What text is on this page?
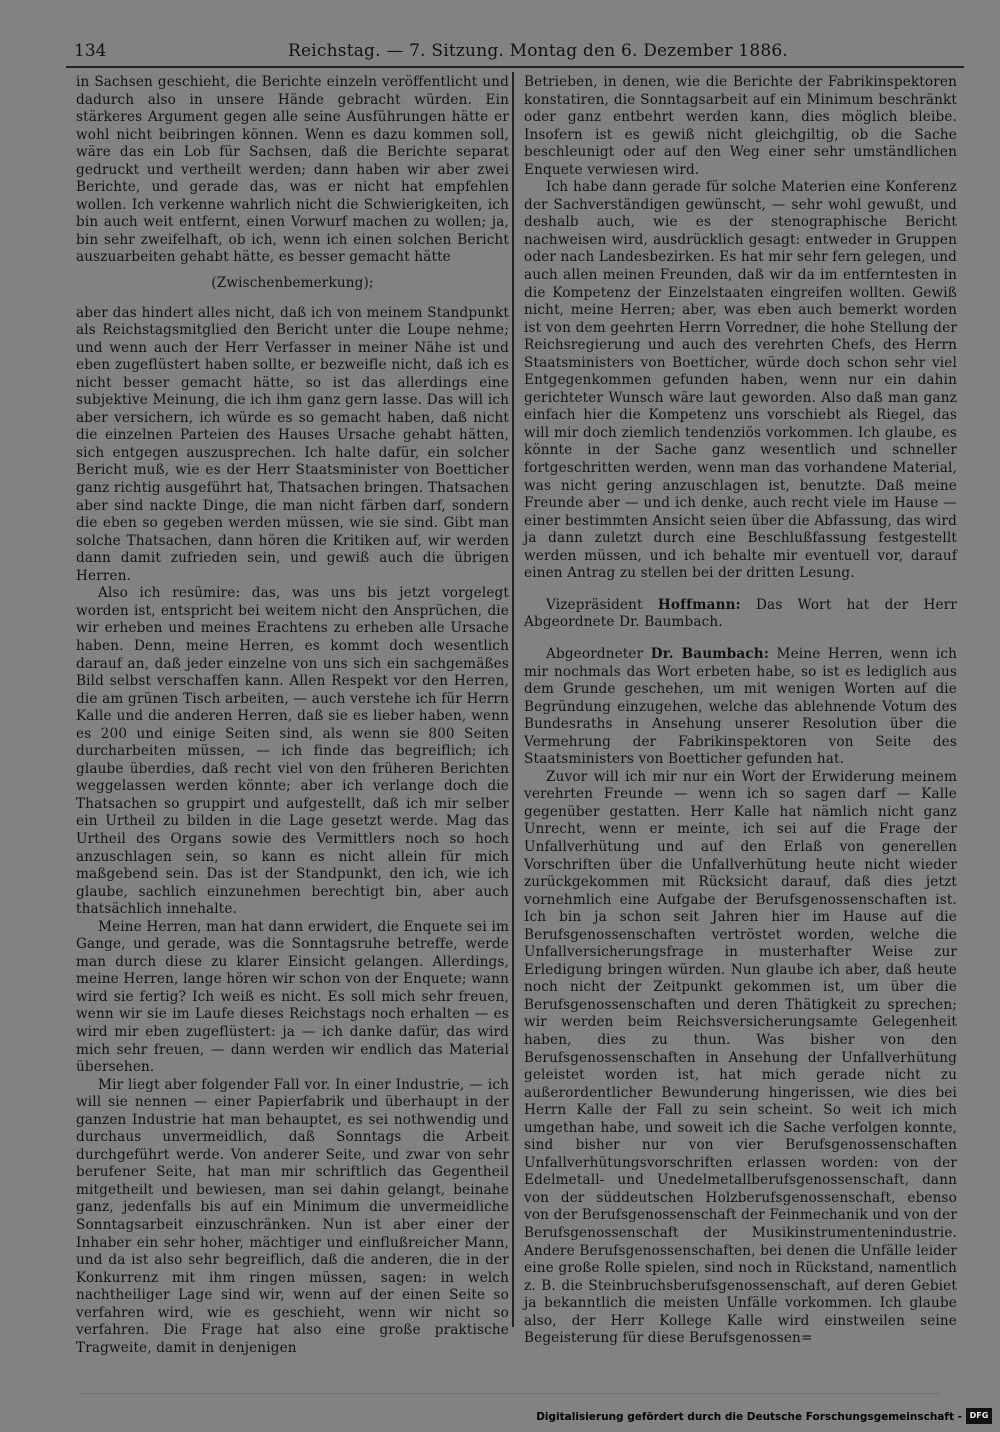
134	Reichstag. — 7. Sitzung. Montag den 6. Dezember 1886.

in Sachsen geschieht, die Berichte einzeln veröffentlicht und dadurch also in unsere Hände gebracht würden. Ein stärkeres Argument gegen alle seine Ausführungen hätte er wohl nicht beibringen können. Wenn es dazu kommen soll, wäre das ein Lob für Sachsen, daß die Berichte separat gedruckt und vertheilt werden; dann haben wir aber zwei Berichte, und gerade das, was er nicht hat empfehlen wollen. Ich verkenne wahrlich nicht die Schwierigkeiten, ich bin auch weit entfernt, einen Vorwurf machen zu wollen; ja, bin sehr zweifelhaft, ob ich, wenn ich einen solchen Bericht auszuarbeiten gehabt hätte, es besser gemacht hätte

(Zwischenbemerkung);

aber das hindert alles nicht, daß ich von meinem Standpunkt als Reichstagsmitglied den Bericht unter die Loupe nehme; und wenn auch der Herr Verfasser in meiner Nähe ist und eben zugeflüstert haben sollte, er bezweifle nicht, daß ich es nicht besser gemacht hätte, so ist das allerdings eine subjektive Meinung, die ich ihm ganz gern lasse. Das will ich aber versichern, ich würde es so gemacht haben, daß nicht die einzelnen Parteien des Hauses Ursache gehabt hätten, sich entgegen auszusprechen. Ich halte dafür, ein solcher Bericht muß, wie es der Herr Staatsminister von Boetticher ganz richtig ausgeführt hat, Thatsachen bringen. Thatsachen aber sind nackte Dinge, die man nicht färben darf, sondern die eben so gegeben werden müssen, wie sie sind. Gibt man solche Thatsachen, dann hören die Kritiken auf, wir werden dann damit zufrieden sein, und gewiß auch die übrigen Herren.

Also ich resümire: das, was uns bis jetzt vorgelegt worden ist, entspricht bei weitem nicht den Ansprüchen, die wir erheben und meines Erachtens zu erheben alle Ursache haben. Denn, meine Herren, es kommt doch wesentlich darauf an, daß jeder einzelne von uns sich ein sachgemäßes Bild selbst verschaffen kann. Allen Respekt vor den Herren, die am grünen Tisch arbeiten, — auch verstehe ich für Herrn Kalle und die anderen Herren, daß sie es lieber haben, wenn es 200 und einige Seiten sind, als wenn sie 800 Seiten durcharbeiten müssen, — ich finde das begreiflich; ich glaube überdies, daß recht viel von den früheren Berichten weggelassen werden könnte; aber ich verlange doch die Thatsachen so gruppirt und aufgestellt, daß ich mir selber ein Urtheil zu bilden in die Lage gesetzt werde. Mag das Urtheil des Organs sowie des Vermittlers noch so hoch anzuschlagen sein, so kann es nicht allein für mich maßgebend sein. Das ist der Standpunkt, den ich, wie ich glaube, sachlich einzunehmen berechtigt bin, aber auch thatsächlich innehalte.

Meine Herren, man hat dann erwidert, die Enquete sei im Gange, und gerade, was die Sonntagsruhe betreffe, werde man durch diese zu klarer Einsicht gelangen. Allerdings, meine Herren, lange hören wir schon von der Enquete; wann wird sie fertig? Ich weiß es nicht. Es soll mich sehr freuen, wenn wir sie im Laufe dieses Reichstags noch erhalten — es wird mir eben zugeflüstert: ja — ich danke dafür, das wird mich sehr freuen, — dann werden wir endlich das Material übersehen.

Mir liegt aber folgender Fall vor. In einer Industrie, — ich will sie nennen — einer Papierfabrik und überhaupt in der ganzen Industrie hat man behauptet, es sei nothwendig und durchaus unvermeidlich, daß Sonntags die Arbeit durchgeführt werde. Von anderer Seite, und zwar von sehr berufener Seite, hat man mir schriftlich das Gegentheil mitgetheilt und bewiesen, man sei dahin gelangt, beinahe ganz, jedenfalls bis auf ein Minimum die unvermeidliche Sonntagsarbeit einzuschränken. Nun ist aber einer der Inhaber ein sehr hoher, mächtiger und einflußreicher Mann, und da ist also sehr begreiflich, daß die anderen, die in der Konkurrenz mit ihm ringen müssen, sagen: in welch nachtheiliger Lage sind wir, wenn auf der einen Seite so verfahren wird, wie es geschieht, wenn wir nicht so verfahren. Die Frage hat also eine große praktische Tragweite, damit in denjenigen

Betrieben, in denen, wie die Berichte der Fabrikinspektoren konstatiren, die Sonntagsarbeit auf ein Minimum beschränkt oder ganz entbehrt werden kann, dies möglich bleibe. Insofern ist es gewiß nicht gleichgiltig, ob die Sache beschleunigt oder auf den Weg einer sehr umständlichen Enquete verwiesen wird.

Ich habe dann gerade für solche Materien eine Konferenz der Sachverständigen gewünscht, — sehr wohl gewußt, und deshalb auch, wie es der stenographische Bericht nachweisen wird, ausdrücklich gesagt: entweder in Gruppen oder nach Landesbezirken. Es hat mir sehr fern gelegen, und auch allen meinen Freunden, daß wir da im entferntesten in die Kompetenz der Einzelstaaten eingreifen wollten. Gewiß nicht, meine Herren; aber, was eben auch bemerkt worden ist von dem geehrten Herrn Vorredner, die hohe Stellung der Reichsregierung und auch des verehrten Chefs, des Herrn Staatsministers von Boetticher, würde doch schon sehr viel Entgegenkommen gefunden haben, wenn nur ein dahin gerichteter Wunsch wäre laut geworden. Also daß man ganz einfach hier die Kompetenz uns vorschiebt als Riegel, das will mir doch ziemlich tendenziös vorkommen. Ich glaube, es könnte in der Sache ganz wesentlich und schneller fortgeschritten werden, wenn man das vorhandene Material, was nicht gering anzuschlagen ist, benutzte. Daß meine Freunde aber — und ich denke, auch recht viele im Hause — einer bestimmten Ansicht seien über die Abfassung, das wird ja dann zuletzt durch eine Beschlußfassung festgestellt werden müssen, und ich behalte mir eventuell vor, darauf einen Antrag zu stellen bei der dritten Lesung.

Vizepräsident Hoffmann: Das Wort hat der Herr Abgeordnete Dr. Baumbach.

Abgeordneter Dr. Baumbach: Meine Herren, wenn ich mir nochmals das Wort erbeten habe, so ist es lediglich aus dem Grunde geschehen, um mit wenigen Worten auf die Begründung einzugehen, welche das ablehnende Votum des Bundesraths in Ansehung unserer Resolution über die Vermehrung der Fabrikinspektoren von Seite des Staatsministers von Boetticher gefunden hat.

Zuvor will ich mir nur ein Wort der Erwiderung meinem verehrten Freunde — wenn ich so sagen darf — Kalle gegenüber gestatten. Herr Kalle hat nämlich nicht ganz Unrecht, wenn er meinte, ich sei auf die Frage der Unfallverhütung und auf den Erlaß von generellen Vorschriften über die Unfallverhütung heute nicht wieder zurückgekommen mit Rücksicht darauf, daß dies jetzt vornehmlich eine Aufgabe der Berufsgenossenschaften ist. Ich bin ja schon seit Jahren hier im Hause auf die Berufsgenossenschaften vertröstet worden, welche die Unfallversicherungsfrage in musterhafter Weise zur Erledigung bringen würden. Nun glaube ich aber, daß heute noch nicht der Zeitpunkt gekommen ist, um über die Berufsgenossenschaften und deren Thätigkeit zu sprechen; wir werden beim Reichsversicherungsamte Gelegenheit haben, dies zu thun. Was bisher von den Berufsgenossenschaften in Ansehung der Unfallverhütung geleistet worden ist, hat mich gerade nicht zu außerordentlicher Bewunderung hingerissen, wie dies bei Herrn Kalle der Fall zu sein scheint. So weit ich mich umgethan habe, und soweit ich die Sache verfolgen konnte, sind bisher nur von vier Berufsgenossenschaften Unfallverhütungsvorschriften erlassen worden: von der Edelmetall- und Unedelmetallberufsgenossenschaft, dann von der süddeutschen Holzberufsgenossenschaft, ebenso von der Berufsgenossenschaft der Feinmechanik und von der Berufsgenossenschaft der Musikinstrumentenindustrie. Andere Berufsgenossenschaften, bei denen die Unfälle leider eine große Rolle spielen, sind noch in Rückstand, namentlich z. B. die Steinbruchsberufsgenossenschaft, auf deren Gebiet ja bekanntlich die meisten Unfälle vorkommen. Ich glaube also, der Herr Kollege Kalle wird einstweilen seine Begeisterung für diese Berufsgenossen=

Digitalisierung gefördert durch die Deutsche Forschungsgemeinschaft - DFG
